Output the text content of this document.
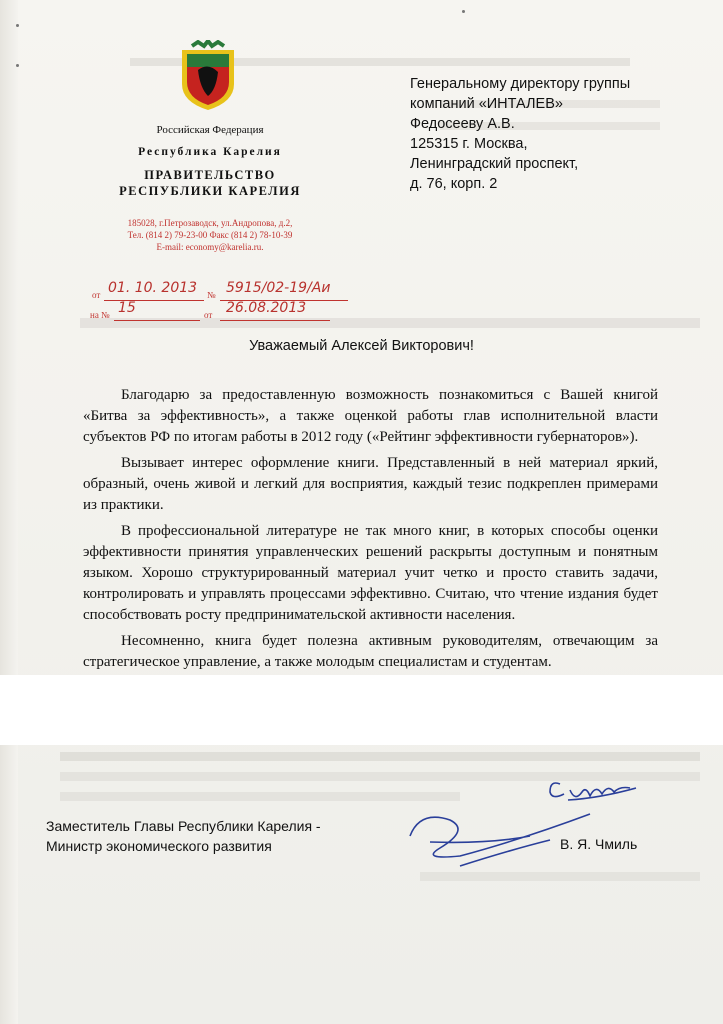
Российская Федерация
Республика Карелия
ПРАВИТЕЛЬСТВО
РЕСПУБЛИКИ КАРЕЛИЯ
185028, г.Петрозаводск, ул.Андропова, д.2,
Тел. (814 2) 79-23-00 Факс (814 2) 78-10-39
E-mail: economy@karelia.ru.
Генеральному директору группы
компаний «ИНТАЛЕВ»
Федосееву А.В.
125315 г. Москва,
Ленинградский проспект,
д. 76, корп. 2
от 01. 10. 2013 № 5915/02-19/Аи
на № 15	от 26.08.2013
Уважаемый Алексей Викторович!

Благодарю за предоставленную возможность познакомиться с Вашей книгой «Битва за эффективность», а также оценкой работы глав исполнительной власти субъектов РФ по итогам работы в 2012 году («Рейтинг эффективности губернаторов»).

Вызывает интерес оформление книги. Представленный в ней материал яркий, образный, очень живой и легкий для восприятия, каждый тезис подкреплен примерами из практики.

В профессиональной литературе не так много книг, в которых способы оценки эффективности принятия управленческих решений раскрыты доступным и понятным языком. Хорошо структурированный материал учит четко и просто ставить задачи, контролировать и управлять процессами эффективно. Считаю, что чтение издания будет способствовать росту предпринимательской активности населения.

Несомненно, книга будет полезна активным руководителям, отвечающим за стратегическое управление, а также молодым специалистам и студентам.

Заместитель Главы Республики Карелия -
Министр экономического развития	В. Я. Чмиль
